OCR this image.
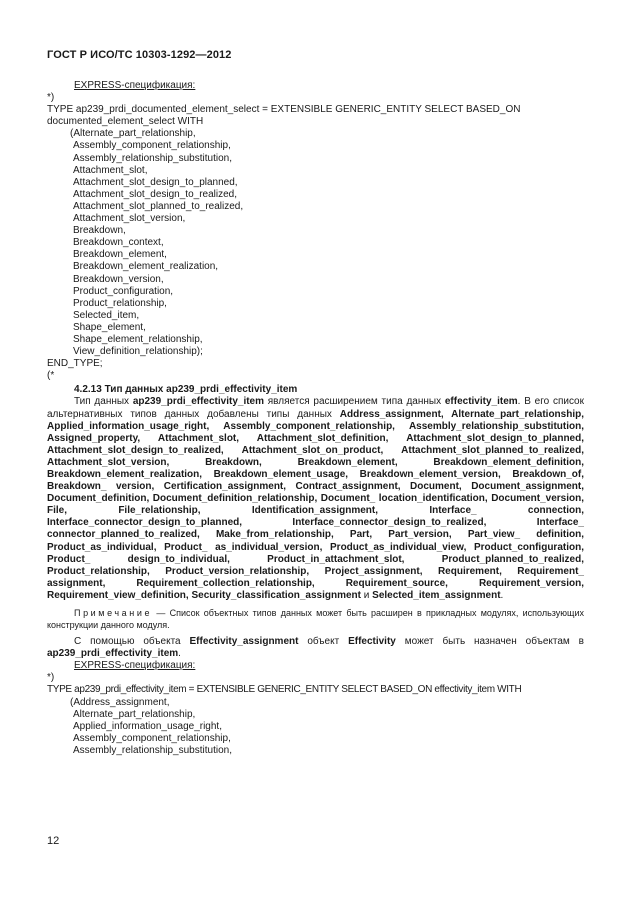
ГОСТ Р ИСО/ТС 10303-1292—2012
EXPRESS-спецификация:
*)
TYPE ap239_prdi_documented_element_select = EXTENSIBLE GENERIC_ENTITY SELECT BASED_ON
documented_element_select WITH
(Alternate_part_relationship,
Assembly_component_relationship,
Assembly_relationship_substitution,
Attachment_slot,
Attachment_slot_design_to_planned,
Attachment_slot_design_to_realized,
Attachment_slot_planned_to_realized,
Attachment_slot_version,
Breakdown,
Breakdown_context,
Breakdown_element,
Breakdown_element_realization,
Breakdown_version,
Product_configuration,
Product_relationship,
Selected_item,
Shape_element,
Shape_element_relationship,
View_definition_relationship);
END_TYPE;
(*
4.2.13 Тип данных ap239_prdi_effectivity_item

Тип данных ap239_prdi_effectivity_item является расширением типа данных effectivity_item. В его список альтернативных типов данных добавлены типы данных Address_assignment, Alternate_part_relationship, Applied_information_usage_right, Assembly_component_relationship, Assembly_relationship_substitution, Assigned_property, Attachment_slot, Attachment_slot_definition, Attachment_slot_design_to_planned, Attachment_slot_design_to_realized, Attachment_slot_on_product, Attachment_slot_planned_to_realized, Attachment_slot_version, Breakdown, Breakdown_element, Breakdown_element_definition, Breakdown_element_realization, Breakdown_element_usage, Breakdown_element_version, Breakdown_of, Breakdown_ version, Certification_assignment, Contract_assignment, Document, Document_assignment, Document_definition, Document_definition_relationship, Document_ location_identification, Document_version, File, File_relationship, Identification_assignment, Interface_ connection, Interface_connector_design_to_planned, Interface_connector_design_to_realized, Interface_ connector_planned_to_realized, Make_from_relationship, Part, Part_version, Part_view_ definition, Product_as_individual, Product_ as_individual_version, Product_as_individual_view, Product_configuration, Product_ design_to_individual, Product_in_attachment_slot, Product_planned_to_realized, Product_relationship, Product_version_relationship, Project_assignment, Requirement, Requirement_ assignment, Requirement_collection_relationship, Requirement_source, Requirement_version, Requirement_view_definition, Security_classification_assignment и Selected_item_assignment.

Примечание — Список объектных типов данных может быть расширен в прикладных модулях, использующих конструкции данного модуля.

С помощью объекта Effectivity_assignment объект Effectivity может быть назначен объектам в ap239_prdi_effectivity_item.

EXPRESS-спецификация:
*)
TYPE ap239_prdi_effectivity_item = EXTENSIBLE GENERIC_ENTITY SELECT BASED_ON effectivity_item WITH
(Address_assignment,
Alternate_part_relationship,
Applied_information_usage_right,
Assembly_component_relationship,
Assembly_relationship_substitution,
12
